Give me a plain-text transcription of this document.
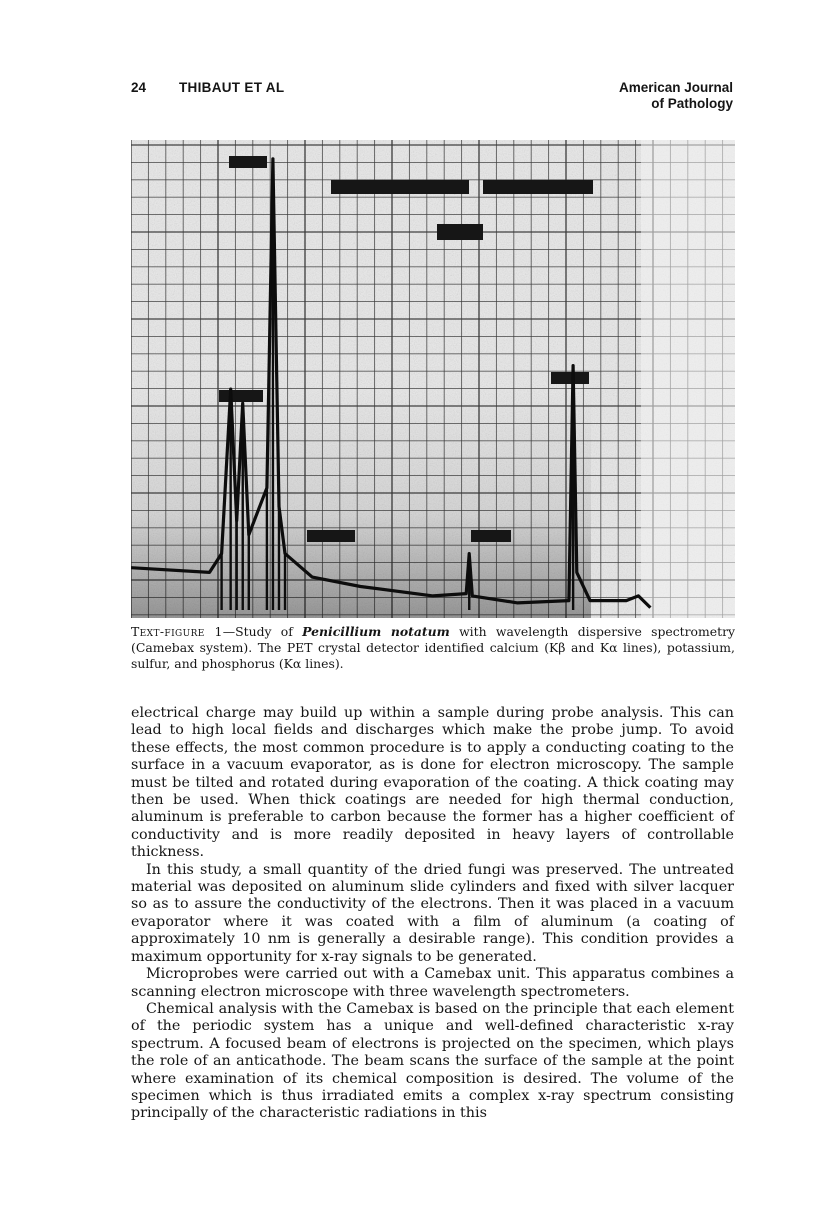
24 THIBAUT ET AL	American Journal
of Pathology
Text-figure 1—Study of Penicillium notatum with wavelength dispersive spectrometry (Camebax system). The PET crystal detector identified calcium (Kβ and Kα lines), potassium, sulfur, and phosphorus (Kα lines).

electrical charge may build up within a sample during probe analysis. This can lead to high local fields and discharges which make the probe jump. To avoid these effects, the most common procedure is to apply a conducting coating to the surface in a vacuum evaporator, as is done for electron microscopy. The sample must be tilted and rotated during evaporation of the coating. A thick coating may then be used. When thick coatings are needed for high thermal conduction, aluminum is preferable to carbon because the former has a higher coefficient of conductivity and is more readily deposited in heavy layers of controllable thickness.

In this study, a small quantity of the dried fungi was preserved. The untreated material was deposited on aluminum slide cylinders and fixed with silver lacquer so as to assure the conductivity of the electrons. Then it was placed in a vacuum evaporator where it was coated with a film of aluminum (a coating of approximately 10 nm is generally a desirable range). This condition provides a maximum opportunity for x-ray signals to be generated.

Microprobes were carried out with a Camebax unit. This apparatus combines a scanning electron microscope with three wavelength spectrometers.

Chemical analysis with the Camebax is based on the principle that each element of the periodic system has a unique and well-defined characteristic x-ray spectrum. A focused beam of electrons is projected on the specimen, which plays the role of an anticathode. The beam scans the surface of the sample at the point where examination of its chemical composition is desired. The volume of the specimen which is thus irradiated emits a complex x-ray spectrum consisting principally of the characteristic radiations in this
